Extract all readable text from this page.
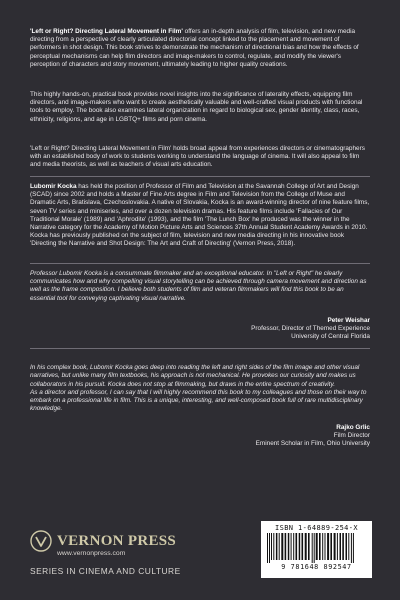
'Left or Right? Directing Lateral Movement in Film' offers an in-depth analysis of film, television, and new media directing from a perspective of clearly articulated directorial concept linked to the placement and movement of performers in shot design. This book strives to demonstrate the mechanism of directional bias and how the effects of perceptual mechanisms can help film directors and image-makers to control, regulate, and modify the viewer's perception of characters and story movement, ultimately leading to higher quality creations.

This highly hands-on, practical book provides novel insights into the significance of laterality effects, equipping film directors, and image-makers who want to create aesthetically valuable and well-crafted visual products with functional tools to employ. The book also examines lateral organization in regard to biological sex, gender identity, class, races, ethnicity, religions, and age in LGBTQ+ films and porn cinema.

'Left or Right? Directing Lateral Movement in Film' holds broad appeal from experiences directors or cinematographers with an established body of work to students working to understand the language of cinema. It will also appeal to film and media theorists, as well as teachers of visual arts education.

Lubomir Kocka has held the position of Professor of Film and Television at the Savannah College of Art and Design (SCAD) since 2002 and holds a Master of Fine Arts degree in Film and Television from the College of Muse and Dramatic Arts, Bratislava, Czechoslovakia. A native of Slovakia, Kocka is an award-winning director of nine feature films, seven TV series and miniseries, and over a dozen television dramas. His feature films include 'Fallacies of Our Traditional Morale' (1989) and 'Aphrodite' (1993), and the film 'The Lunch Box' he produced was the winner in the Narrative category for the Academy of Motion Picture Arts and Sciences 37th Annual Student Academy Awards in 2010. Kocka has previously published on the subject of film, television and new media directing in his innovative book 'Directing the Narrative and Shot Design: The Art and Craft of Directing' (Vernon Press, 2018).

Professor Lubomir Kocka is a consummate filmmaker and an exceptional educator. In "Left or Right" he clearly communicates how and why compelling visual storytelling can be achieved through camera movement and direction as well as the frame composition. I believe both students of film and veteran filmmakers will find this book to be an essential tool for conveying captivating visual narrative.

Peter Weishar
Professor, Director of Themed Experience
University of Central Florida

In his complex book, Lubomir Kocka goes deep into reading the left and right sides of the film image and other visual narratives, but unlike many film textbooks, his approach is not mechanical. He provokes our curiosity and makes us collaborators in his pursuit. Kocka does not stop at filmmaking, but draws in the entire spectrum of creativity.
As a director and professor, I can say that I will highly recommend this book to my colleagues and those on their way to embark on a professional life in film. This is a unique, interesting, and well-composed book full of rare multidisciplinary knowledge.

Rajko Grlic
Film Director
Eminent Scholar in Film, Ohio University
VERNON PRESS
www.vernonpress.com
SERIES IN CINEMA AND CULTURE
ISBN 1-64889-254-X
9 781648 892547
